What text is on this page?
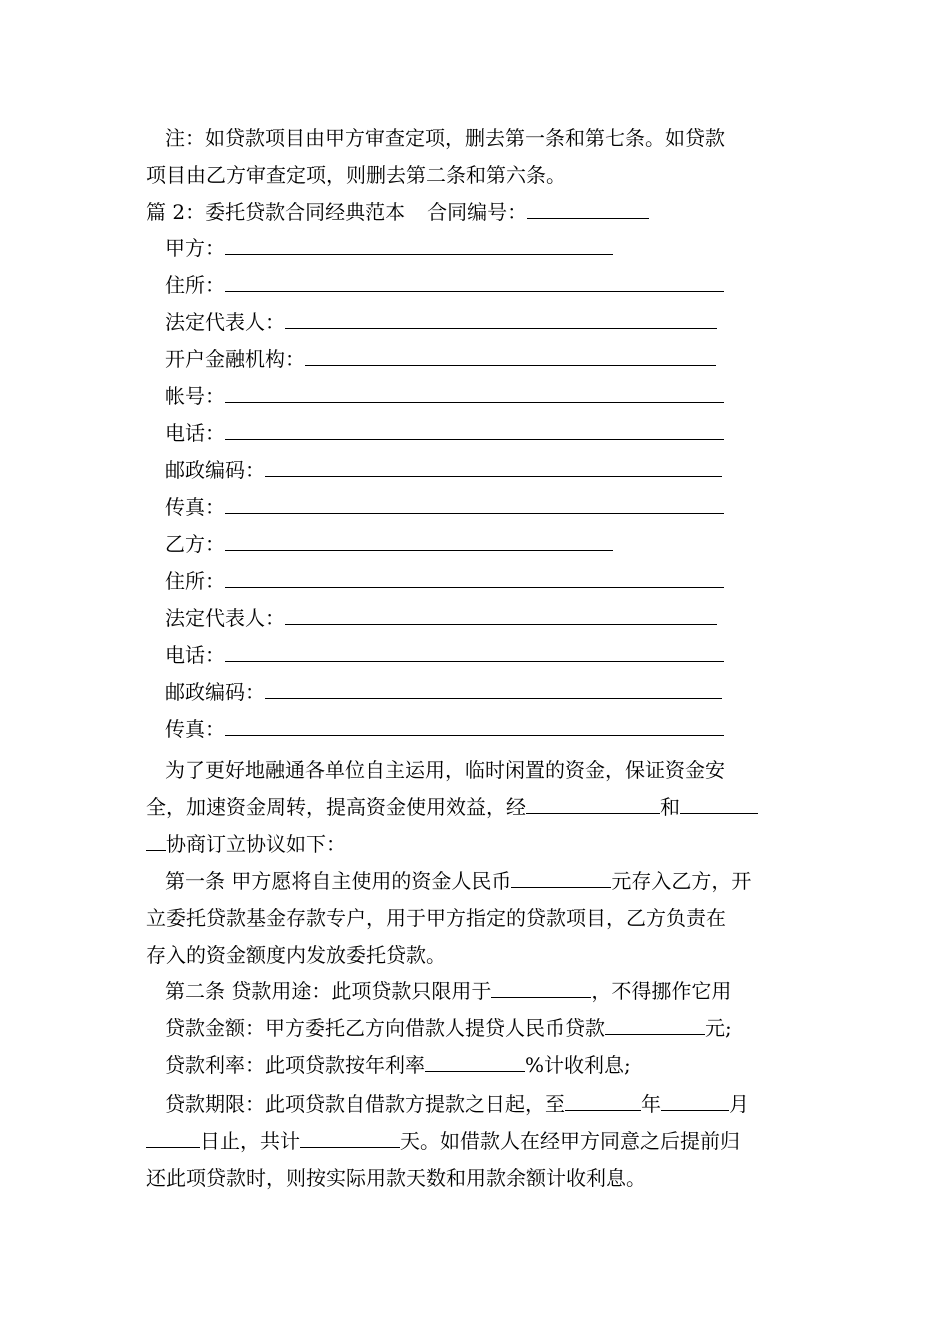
注：如贷款项目由甲方审查定项，删去第一条和第七条。如贷款
项目由乙方审查定项，则删去第二条和第六条。
篇 2：委托贷款合同经典范本 合同编号：
甲方：
住所：
法定代表人：
开户金融机构：
帐号：
电话：
邮政编码：
传真：
乙方：
住所：
法定代表人：
电话：
邮政编码：
传真：
为了更好地融通各单位自主运用，临时闲置的资金，保证资金安
全，加速资金周转，提高资金使用效益，经	和
协商订立协议如下：
第一条 甲方愿将自主使用的资金人民币	元存入乙方，开
立委托贷款基金存款专户，用于甲方指定的贷款项目，乙方负责在
存入的资金额度内发放委托贷款。
第二条 贷款用途：此项贷款只限用于	，不得挪作它用
贷款金额：甲方委托乙方向借款人提贷人民币贷款	元;
贷款利率：此项贷款按年利率	%计收利息;
贷款期限：此项贷款自借款方提款之日起，至	年	月
日止，共计	天。如借款人在经甲方同意之后提前归
还此项贷款时，则按实际用款天数和用款余额计收利息。
